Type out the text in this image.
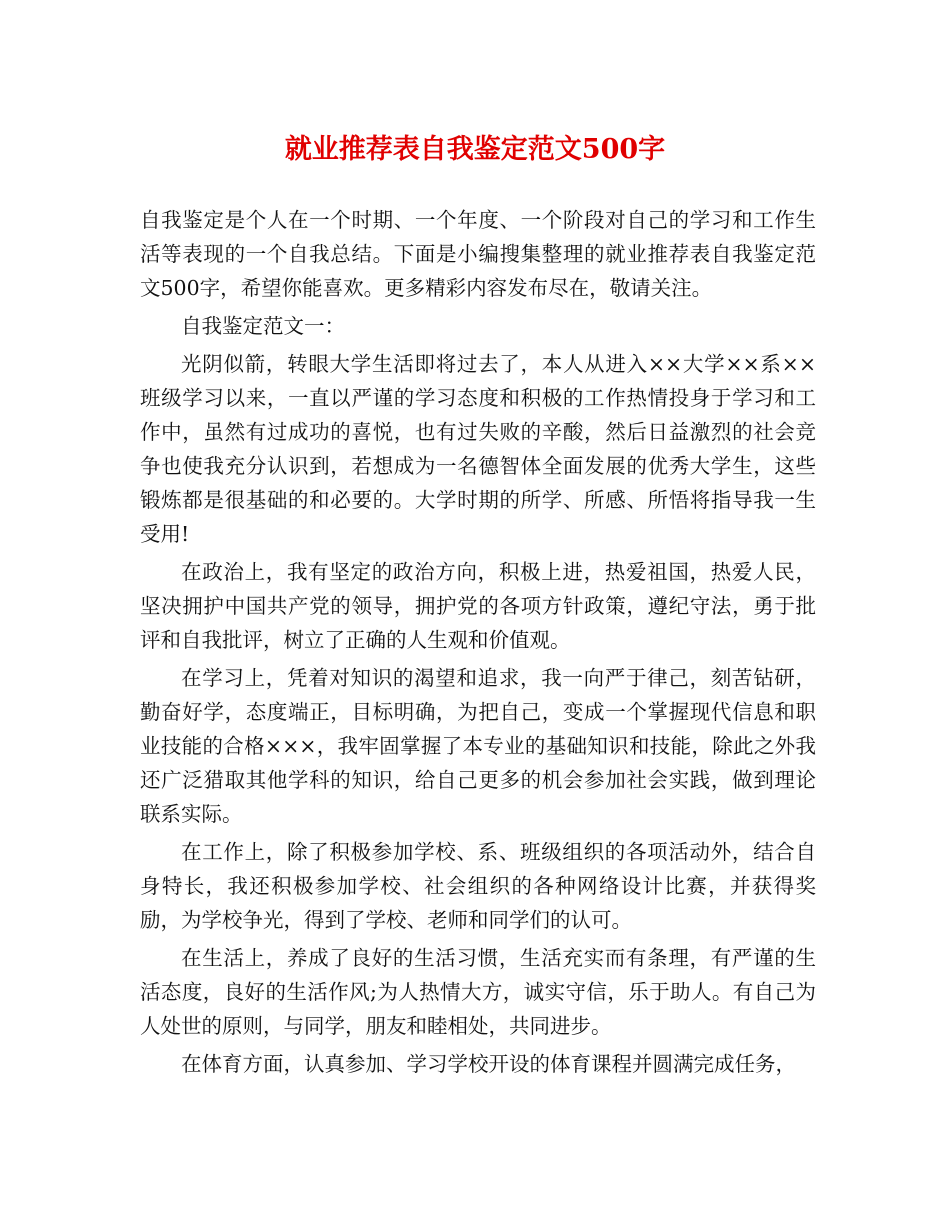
就业推荐表自我鉴定范文500字

自我鉴定是个人在一个时期、一个年度、一个阶段对自己的学习和工作生活等表现的一个自我总结。下面是小编搜集整理的就业推荐表自我鉴定范文500字，希望你能喜欢。更多精彩内容发布尽在，敬请关注。

自我鉴定范文一：

光阴似箭，转眼大学生活即将过去了，本人从进入××大学××系××班级学习以来，一直以严谨的学习态度和积极的工作热情投身于学习和工作中，虽然有过成功的喜悦，也有过失败的辛酸，然后日益激烈的社会竞争也使我充分认识到，若想成为一名德智体全面发展的优秀大学生，这些锻炼都是很基础的和必要的。大学时期的所学、所感、所悟将指导我一生受用!

在政治上，我有坚定的政治方向，积极上进，热爱祖国，热爱人民，坚决拥护中国共产党的领导，拥护党的各项方针政策，遵纪守法，勇于批评和自我批评，树立了正确的人生观和价值观。

在学习上，凭着对知识的渴望和追求，我一向严于律己，刻苦钻研，勤奋好学，态度端正，目标明确，为把自己，变成一个掌握现代信息和职业技能的合格×××，我牢固掌握了本专业的基础知识和技能，除此之外我还广泛猎取其他学科的知识，给自己更多的机会参加社会实践，做到理论联系实际。

在工作上，除了积极参加学校、系、班级组织的各项活动外，结合自身特长，我还积极参加学校、社会组织的各种网络设计比赛，并获得奖励，为学校争光，得到了学校、老师和同学们的认可。

在生活上，养成了良好的生活习惯，生活充实而有条理，有严谨的生活态度，良好的生活作风;为人热情大方，诚实守信，乐于助人。有自己为人处世的原则，与同学，朋友和睦相处，共同进步。

在体育方面，认真参加、学习学校开设的体育课程并圆满完成任务，
